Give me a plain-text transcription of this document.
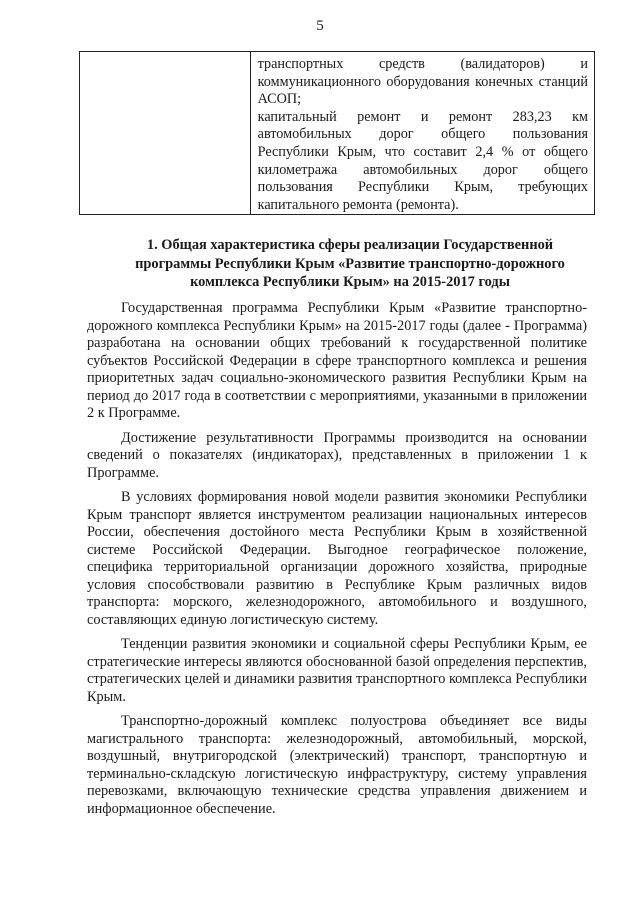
5

транспортных средств (валидаторов) и коммуникационного оборудования конечных станций АСОП;

капитальный ремонт и ремонт 283,23 км автомобильных дорог общего пользования Республики Крым, что составит 2,4 % от общего километража автомобильных дорог общего пользования Республики Крым, требующих капитального ремонта (ремонта).

1. Общая характеристика сферы реализации Государственной программы Республики Крым «Развитие транспортно-дорожного комплекса Республики Крым» на 2015-2017 годы

Государственная программа Республики Крым «Развитие транспортно-дорожного комплекса Республики Крым» на 2015-2017 годы (далее - Программа) разработана на основании общих требований к государственной политике субъектов Российской Федерации в сфере транспортного комплекса и решения приоритетных задач социально-экономического развития Республики Крым на период до 2017 года в соответствии с мероприятиями, указанными в приложении 2 к Программе.

Достижение результативности Программы производится на основании сведений о показателях (индикаторах), представленных в приложении 1 к Программе.

В условиях формирования новой модели развития экономики Республики Крым транспорт является инструментом реализации национальных интересов России, обеспечения достойного места Республики Крым в хозяйственной системе Российской Федерации. Выгодное географическое положение, специфика территориальной организации дорожного хозяйства, природные условия способствовали развитию в Республике Крым различных видов транспорта: морского, железнодорожного, автомобильного и воздушного, составляющих единую логистическую систему.

Тенденции развития экономики и социальной сферы Республики Крым, ее стратегические интересы являются обоснованной базой определения перспектив, стратегических целей и динамики развития транспортного комплекса Республики Крым.

Транспортно-дорожный комплекс полуострова объединяет все виды магистрального транспорта: железнодорожный, автомобильный, морской, воздушный, внутригородской (электрический) транспорт, транспортную и терминально-складскую логистическую инфраструктуру, систему управления перевозками, включающую технические средства управления движением и информационное обеспечение.
